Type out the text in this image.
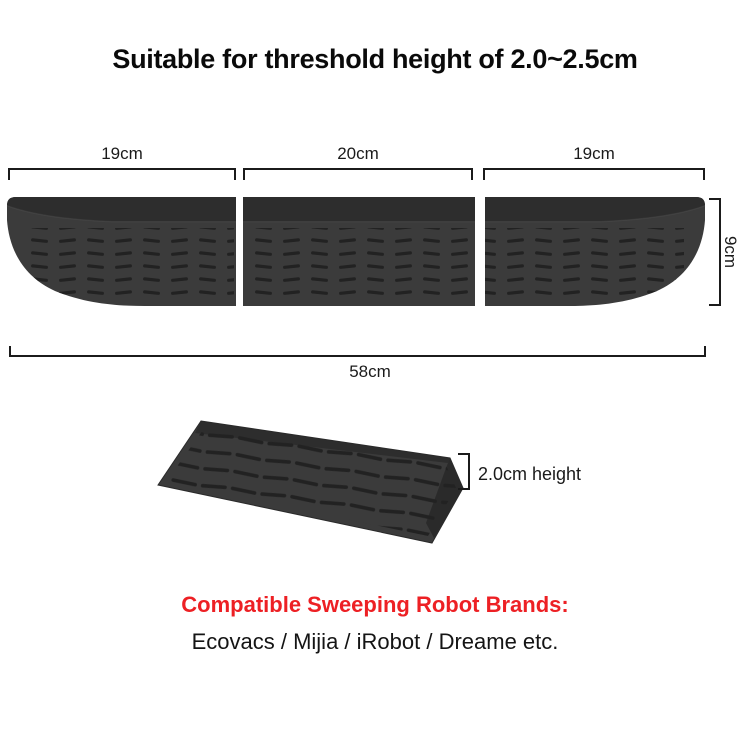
Suitable for threshold height of 2.0~2.5cm
19cm	20cm	19cm
9cm
58cm
2.0cm height
Compatible Sweeping Robot Brands:
Ecovacs / Mijia / iRobot / Dreame etc.
